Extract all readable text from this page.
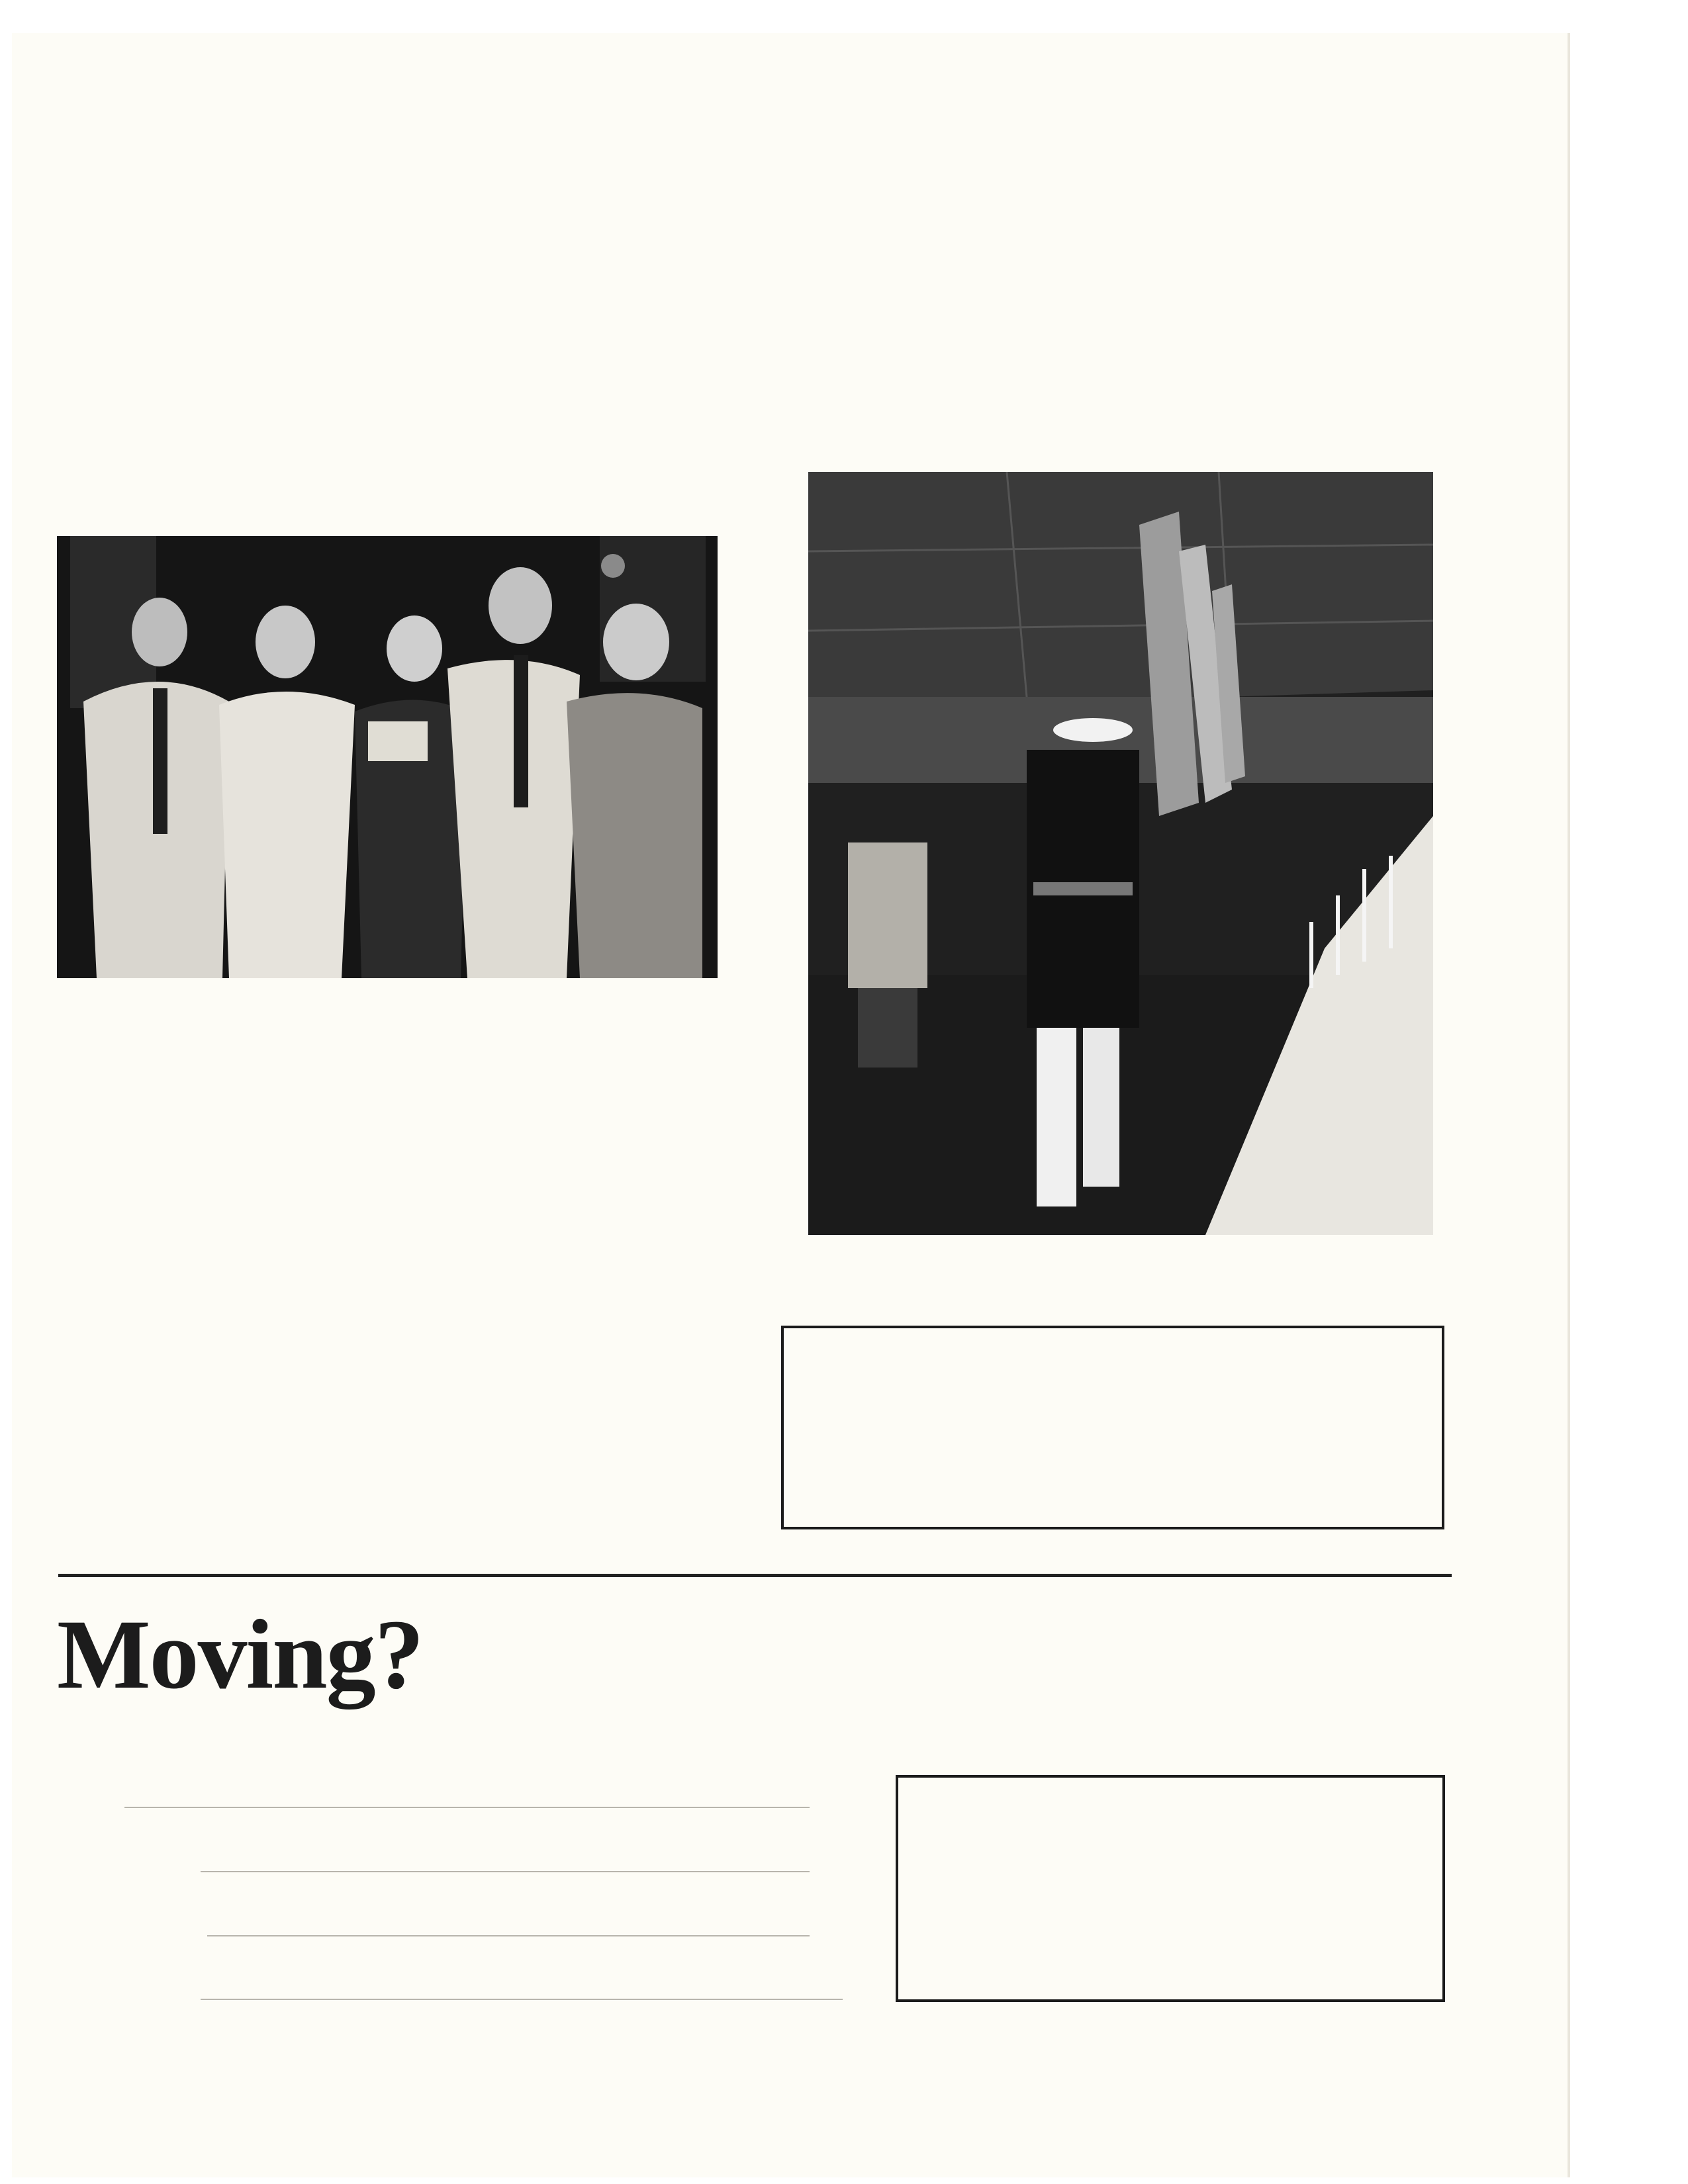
Moving?
